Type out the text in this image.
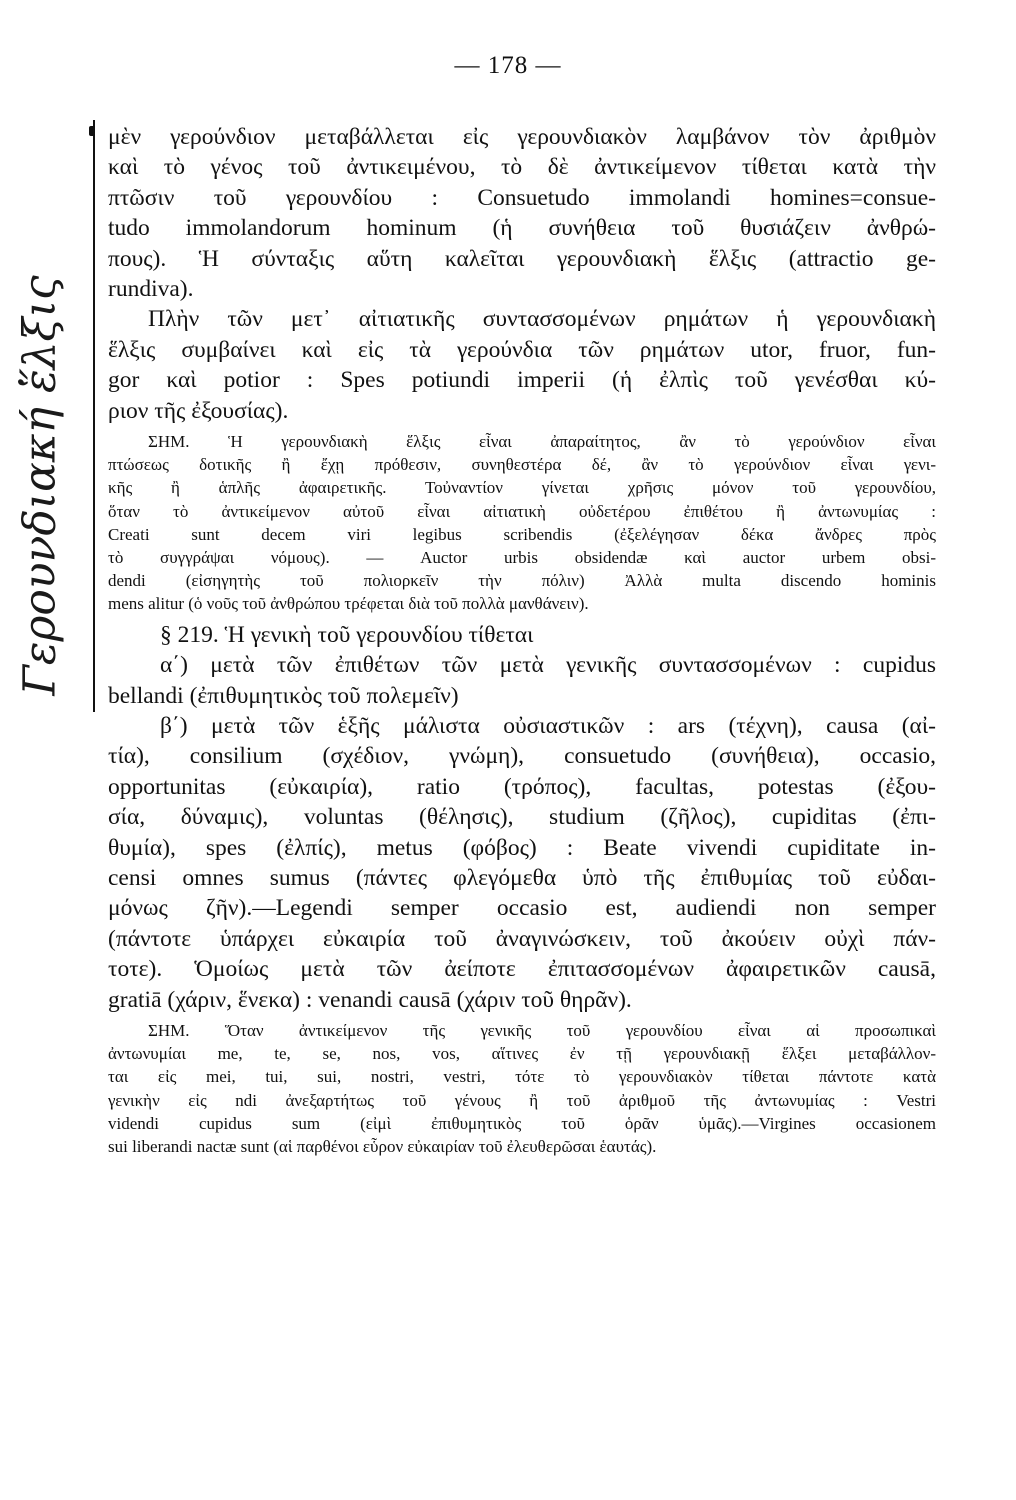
— 178 —
Γερουνδιακή ἕλξις
μὲν γερούνδιον μεταβάλλεται εἰς γερουνδιακὸν λαμβάνον τὸν ἀριθμὸν
καὶ τὸ γένος τοῦ ἀντικειμένου, τὸ δὲ ἀντικείμενον τίθεται κατὰ τὴν
πτῶσιν τοῦ γερουνδίου : Consuetudo immolandi homines=consue-
tudo immolandorum hominum (ἡ συνήθεια τοῦ θυσιάζειν ἀνθρώ-
πους). Ἡ σύνταξις αὕτη καλεῖται γερουνδιακὴ ἕλξις (attractio ge-
rundiva).
Πλὴν τῶν μετ᾽ αἰτιατικῆς συντασσομένων ρημάτων ἡ γερουνδιακὴ
ἕλξις συμβαίνει καὶ εἰς τὰ γερούνδια τῶν ρημάτων utor, fruor, fun-
gor καὶ potior : Spes potiundi imperii (ἡ ἐλπὶς τοῦ γενέσθαι κύ-
ριον τῆς ἐξουσίας).
ΣΗΜ. Ἡ γερουνδιακὴ ἕλξις εἶναι ἀπαραίτητος, ἂν τὸ γερούνδιον εἶναι
πτώσεως δοτικῆς ἢ ἔχῃ πρόθεσιν, συνηθεστέρα δέ, ἂν τὸ γερούνδιον εἶναι γενι-
κῆς ἢ ἁπλῆς ἀφαιρετικῆς. Τοὐναντίον γίνεται χρῆσις μόνον τοῦ γερουνδίου,
ὅταν τὸ ἀντικείμενον αὐτοῦ εἶναι αἰτιατικὴ οὐδετέρου ἐπιθέτου ἢ ἀντωνυμίας :
Creati sunt decem viri legibus scribendis (ἐξελέγησαν δέκα ἄνδρες πρὸς
τὸ συγγράψαι νόμους). — Auctor urbis obsidendæ καὶ auctor urbem obsi-
dendi (εἰσηγητὴς τοῦ πολιορκεῖν τὴν πόλιν) Ἀλλὰ multa discendo hominis
mens alitur (ὁ νοῦς τοῦ ἀνθρώπου τρέφεται διὰ τοῦ πολλὰ μανθάνειν).
§ 219. Ἡ γενικὴ τοῦ γερουνδίου τίθεται
α΄) μετὰ τῶν ἐπιθέτων τῶν μετὰ γενικῆς συντασσομένων : cupidus
bellandi (ἐπιθυμητικὸς τοῦ πολεμεῖν)
β΄) μετὰ τῶν ἑξῆς μάλιστα οὐσιαστικῶν : ars (τέχνη), causa (αἰ-
τία), consilium (σχέδιον, γνώμη), consuetudo (συνήθεια), occasio,
opportunitas (εὐκαιρία), ratio (τρόπος), facultas, potestas (ἐξου-
σία, δύναμις), voluntas (θέλησις), studium (ζῆλος), cupiditas (ἐπι-
θυμία), spes (ἐλπίς), metus (φόβος) : Beate vivendi cupiditate in-
censi omnes sumus (πάντες φλεγόμεθα ὑπὸ τῆς ἐπιθυμίας τοῦ εὐδαι-
μόνως ζῆν).—Legendi semper occasio est, audiendi non semper
(πάντοτε ὑπάρχει εὐκαιρία τοῦ ἀναγινώσκειν, τοῦ ἀκούειν οὐχὶ πάν-
τοτε). Ὁμοίως μετὰ τῶν ἀείποτε ἐπιτασσομένων ἀφαιρετικῶν causā,
gratiā (χάριν, ἕνεκα) : venandi causā (χάριν τοῦ θηρᾶν).
ΣΗΜ. Ὅταν ἀντικείμενον τῆς γενικῆς τοῦ γερουνδίου εἶναι αἱ προσωπικαὶ
ἀντωνυμίαι me, te, se, nos, vos, αἵτινες ἐν τῇ γερουνδιακῇ ἕλξει μεταβάλλον-
ται εἰς mei, tui, sui, nostri, vestri, τότε τὸ γερουνδιακὸν τίθεται πάντοτε κατὰ
γενικὴν εἰς ndi ἀνεξαρτήτως τοῦ γένους ἢ τοῦ ἀριθμοῦ τῆς ἀντωνυμίας : Vestri
videndi cupidus sum (εἰμὶ ἐπιθυμητικὸς τοῦ ὁρᾶν ὑμᾶς).—Virgines occasionem
sui liberandi nactæ sunt (αἱ παρθένοι εὗρον εὐκαιρίαν τοῦ ἐλευθερῶσαι ἑαυτάς).
